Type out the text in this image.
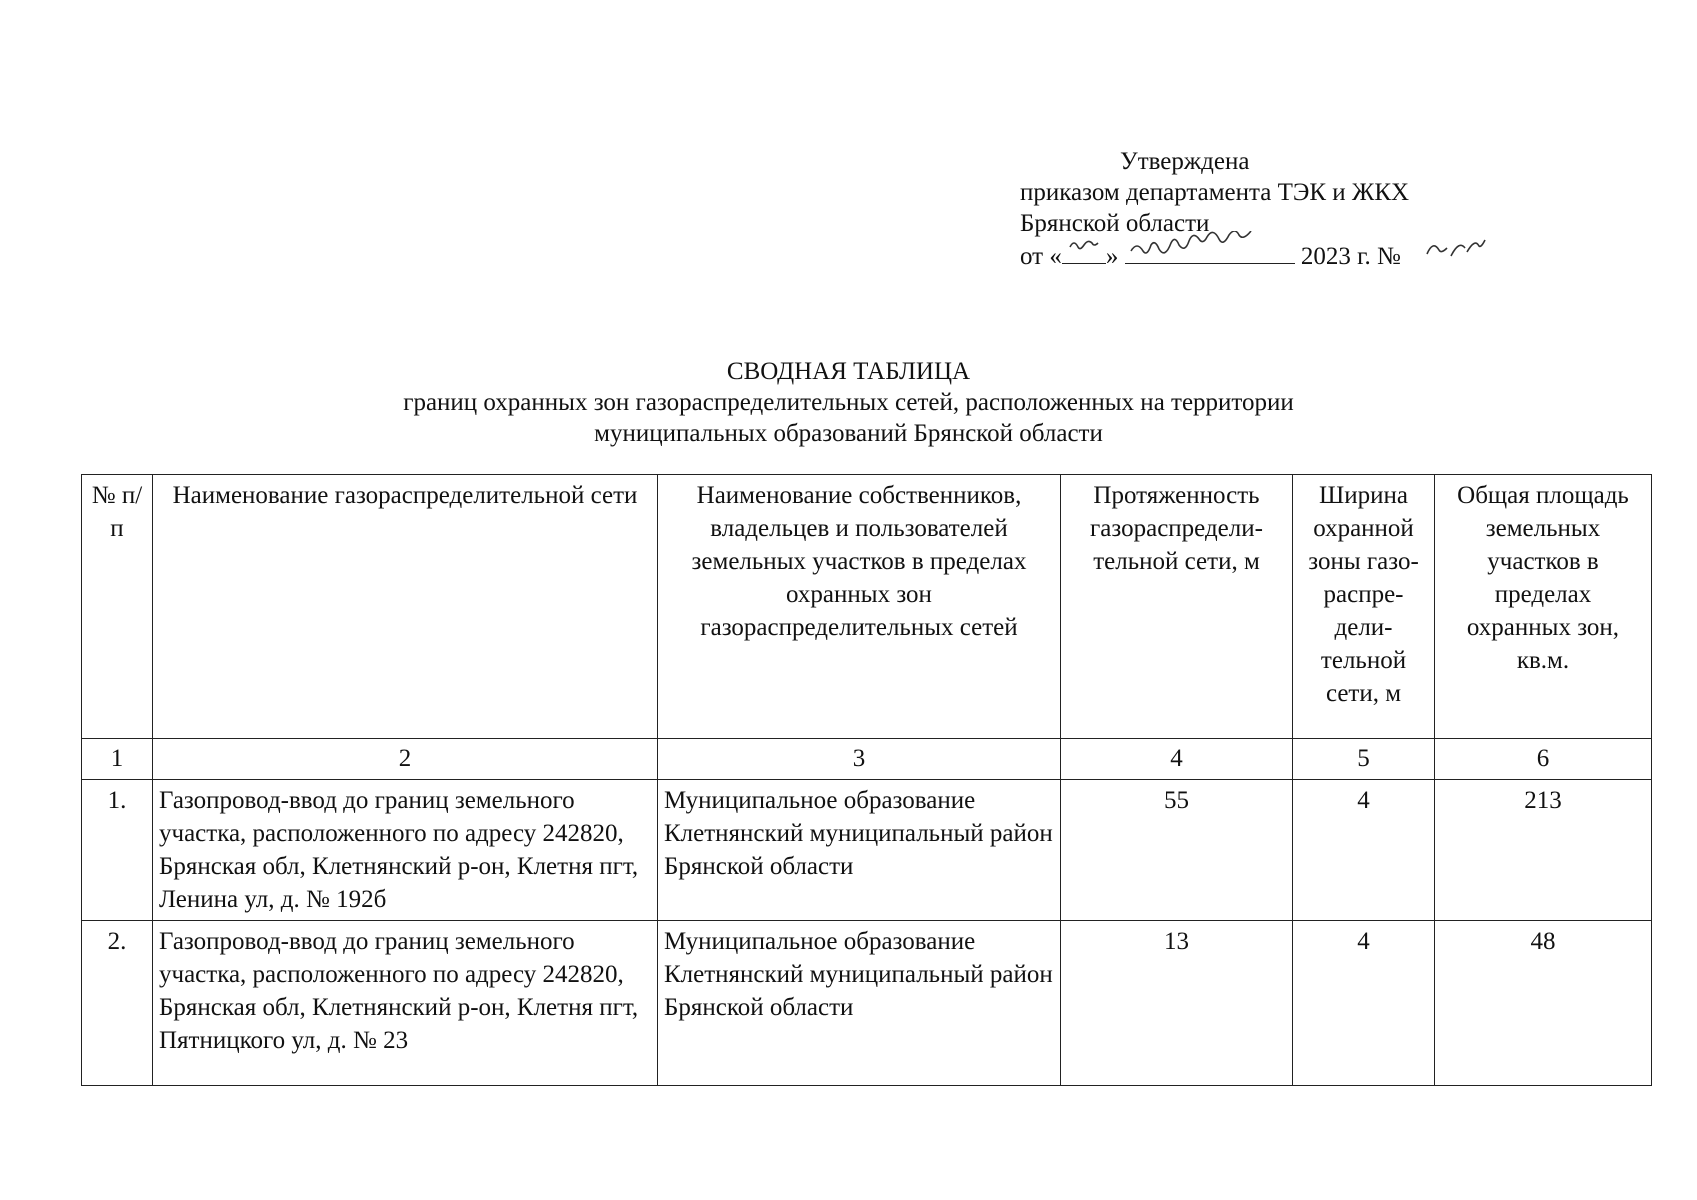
Утверждена
приказом департамента ТЭК и ЖКХ
Брянской области
от « »	2023 г. №
СВОДНАЯ ТАБЛИЦА
границ охранных зон газораспределительных сетей, расположенных на территории
муниципальных образований Брянской области
№ п/п	Наименование газораспределительной сети	Наименование собственников, владельцев и пользователей земельных участков в пределах охранных зон газораспределительных сетей	Протяженность газораспредели-тельной сети, м	Ширина охранной зоны газо-распре-дели-тельной сети, м	Общая площадь земельных участков в пределах охранных зон, кв.м.
1	2	3	4	5	6
1.	Газопровод-ввод до границ земельного участка, расположенного по адресу 242820, Брянская обл, Клетнянский р-он, Клетня пгт, Ленина ул, д. № 192б	Муниципальное образование Клетнянский муниципальный район Брянской области	55	4	213
2.	Газопровод-ввод до границ земельного участка, расположенного по адресу 242820, Брянская обл, Клетнянский р-он, Клетня пгт, Пятницкого ул, д. № 23	Муниципальное образование Клетнянский муниципальный район Брянской области	13	4	48
